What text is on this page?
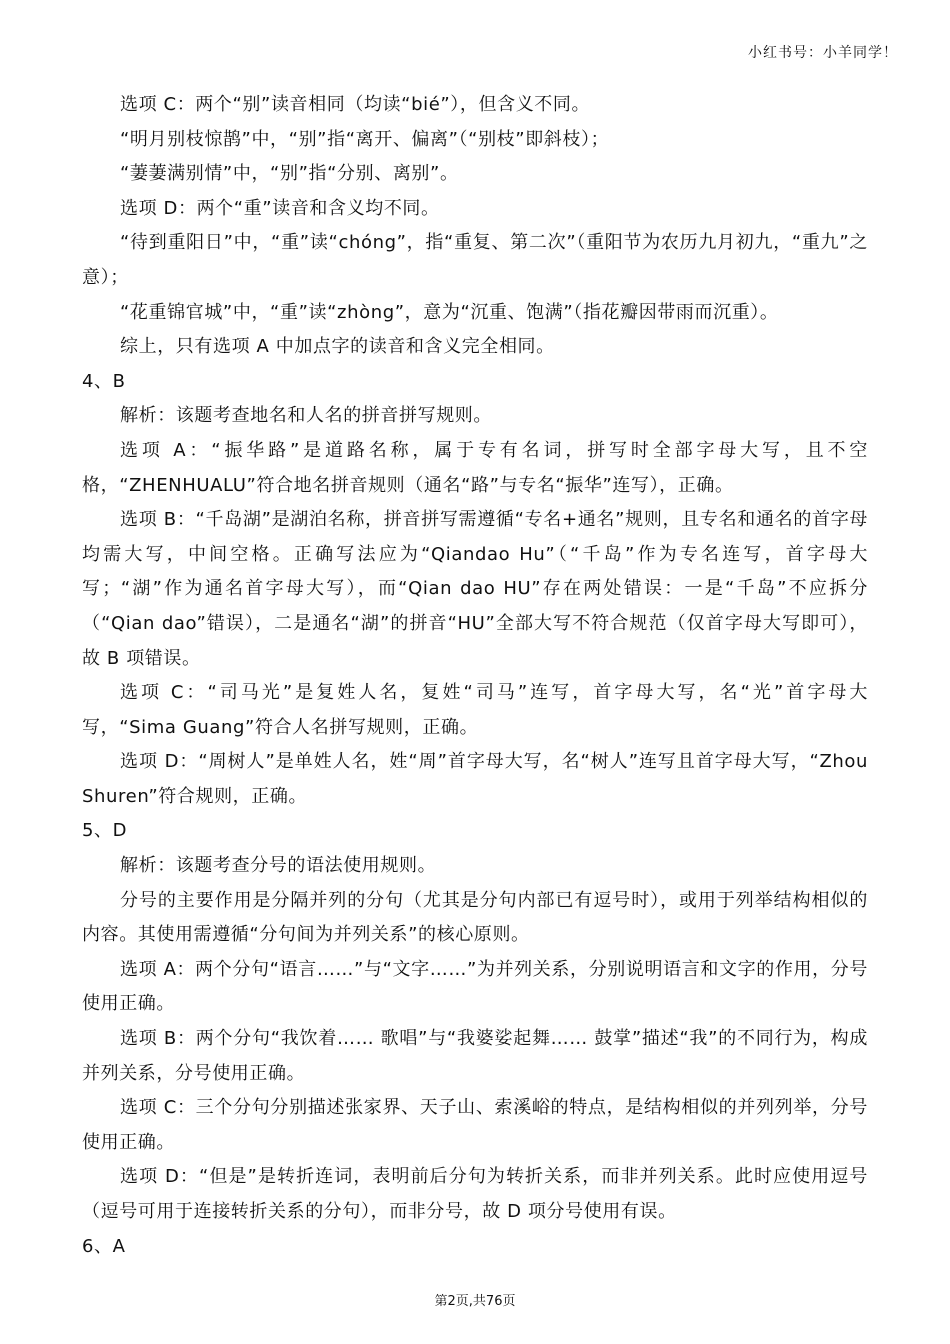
小红书号：小羊同学！

选项 C：两个“别”读音相同（均读“bié”），但含义不同。

“明月别枝惊鹊”中，“别”指“离开、偏离”（“别枝”即斜枝）；

“萋萋满别情”中，“别”指“分别、离别”。

选项 D：两个“重”读音和含义均不同。

“待到重阳日”中，“重”读“chóng”，指“重复、第二次”（重阳节为农历九月初九，“重九”之意）；

“花重锦官城”中，“重”读“zhòng”，意为“沉重、饱满”（指花瓣因带雨而沉重）。

综上，只有选项 A 中加点字的读音和含义完全相同。

4、B

解析：该题考查地名和人名的拼音拼写规则。

选项 A：“振华路”是道路名称，属于专有名词，拼写时全部字母大写，且不空格，“ZHENHUALU”符合地名拼音规则（通名“路”与专名“振华”连写），正确。

选项 B：“千岛湖”是湖泊名称，拼音拼写需遵循“专名+通名”规则，且专名和通名的首字母均需大写，中间空格。正确写法应为“Qiandao Hu”（“千岛”作为专名连写，首字母大写；“湖”作为通名首字母大写），而“Qian dao HU”存在两处错误：一是“千岛”不应拆分（“Qian dao”错误），二是通名“湖”的拼音“HU”全部大写不符合规范（仅首字母大写即可），故 B 项错误。

选项 C：“司马光”是复姓人名，复姓“司马”连写，首字母大写，名“光”首字母大写，“Sima Guang”符合人名拼写规则，正确。

选项 D：“周树人”是单姓人名，姓“周”首字母大写，名“树人”连写且首字母大写，“Zhou Shuren”符合规则，正确。

5、D

解析：该题考查分号的语法使用规则。

分号的主要作用是分隔并列的分句（尤其是分句内部已有逗号时），或用于列举结构相似的内容。其使用需遵循“分句间为并列关系”的核心原则。

选项 A：两个分句“语言……”与“文字……”为并列关系，分别说明语言和文字的作用，分号使用正确。

选项 B：两个分句“我饮着…… 歌唱”与“我婆娑起舞…… 鼓掌”描述“我”的不同行为，构成并列关系，分号使用正确。

选项 C：三个分句分别描述张家界、天子山、索溪峪的特点，是结构相似的并列列举，分号使用正确。

选项 D：“但是”是转折连词，表明前后分句为转折关系，而非并列关系。此时应使用逗号（逗号可用于连接转折关系的分句），而非分号，故 D 项分号使用有误。

6、A

第2页,共76页
